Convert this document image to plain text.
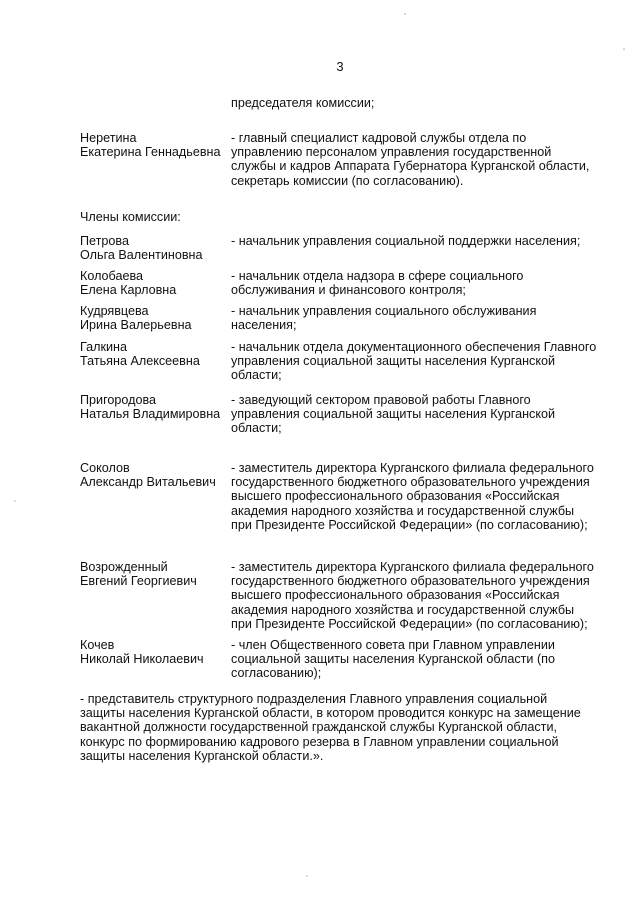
3
председателя комиссии;
Неретина
Екатерина Геннадьевна
- главный специалист кадровой службы отдела по
управлению персоналом управления государственной
службы и кадров Аппарата Губернатора Курганской области,
секретарь комиссии (по согласованию).
Члены комиссии:
Петрова
Ольга Валентиновна
- начальник управления социальной поддержки населения;
Колобаева
Елена Карловна
- начальник отдела надзора в сфере социального
обслуживания и финансового контроля;
Кудрявцева
Ирина Валерьевна
- начальник управления социального обслуживания
населения;
Галкина
Татьяна Алексеевна
- начальник отдела документационного обеспечения Главного
управления социальной защиты населения Курганской
области;
Пригородова
Наталья Владимировна
- заведующий сектором правовой работы Главного
управления социальной защиты населения Курганской
области;
Соколов
Александр Витальевич
- заместитель директора Курганского филиала федерального
государственного бюджетного образовательного учреждения
высшего профессионального образования «Российская
академия народного хозяйства и государственной службы
при Президенте Российской Федерации» (по согласованию);
Возрожденный
Евгений Георгиевич
- заместитель директора Курганского филиала федерального
государственного бюджетного образовательного учреждения
высшего профессионального образования «Российская
академия народного хозяйства и государственной службы
при Президенте Российской Федерации» (по согласованию);
Кочев
Николай Николаевич
- член Общественного совета при Главном управлении
социальной защиты населения Курганской области (по
согласованию);
- представитель структурного подразделения Главного управления социальной
защиты населения Курганской области, в котором проводится конкурс на замещение
вакантной должности государственной гражданской службы Курганской области,
конкурс по формированию кадрового резерва в Главном управлении социальной
защиты населения Курганской области.».
